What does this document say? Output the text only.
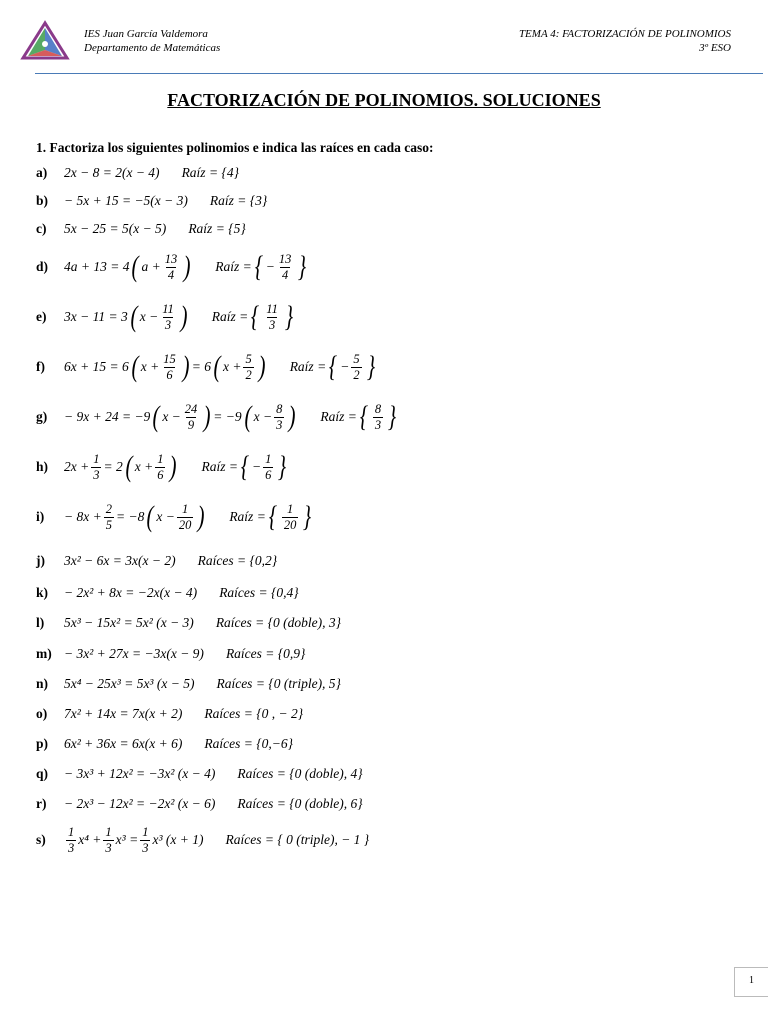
IES Juan García Valdemora
Departamento de Matemáticas
TEMA 4: FACTORIZACIÓN DE POLINOMIOS
3º ESO
FACTORIZACIÓN DE POLINOMIOS. SOLUCIONES
1. Factoriza los siguientes polinomios e indica las raíces en cada caso:
a)	2x − 8 = 2(x − 4) Raíz = {4}
b)	− 5x + 15 = −5(x − 3) Raíz = {3}
c)	5x − 25 = 5(x − 5) Raíz = {5}
d)	4a + 13 = 4 ( $a + \frac{13}{4}$ ) Raíz = { − $\frac{13}{4}$ }
e)	3x − 11 = 3 ( $x - \frac{11}{3}$ ) Raíz = { $\frac{11}{3}$ }
f)	6x + 15 = 6 ( $x + \frac{15}{6}$ ) = 6 ( $x + \frac{5}{2}$ ) Raíz = { − $\frac{5}{2}$ }
g)	− 9x + 24 = −9 ( $x - \frac{24}{9}$ ) = −9 ( $x - \frac{8}{3}$ ) Raíz = { $\frac{8}{3}$ }
h)	$2x + \frac{1}{3} = 2$ ( $x + \frac{1}{6}$ ) Raíz = { − $\frac{1}{6}$ }
i)	− $8x + \frac{2}{5} = -8$ ( $x - \frac{1}{20}$ ) Raíz = { $\frac{1}{20}$ }
j)	3x² − 6x = 3x(x − 2) Raíces = {0,2}
k)	− 2x² + 8x = −2x(x − 4) Raíces = {0,4}
l)	5x³ − 15x² = 5x² (x − 3) Raíces = {0 (doble), 3}
m) − 3x² + 27x = −3x(x − 9) Raíces = {0,9}
n)	5x⁴ − 25x³ = 5x³ (x − 5) Raíces = {0 (triple), 5}
o)	7x² + 14x = 7x(x + 2) Raíces = {0 , − 2}
p)	6x² + 36x = 6x(x + 6) Raíces = {0,−6}
q)	− 3x³ + 12x² = −3x² (x − 4) Raíces = {0 (doble), 4}
r)	− 2x³ − 12x² = −2x² (x − 6) Raíces = {0 (doble), 6}
s)	$\frac{1}{3} x^4 + \frac{1}{3} x^3 = \frac{1}{3} x^3$ (x + 1) Raíces = { 0 (triple), − 1 }
1
